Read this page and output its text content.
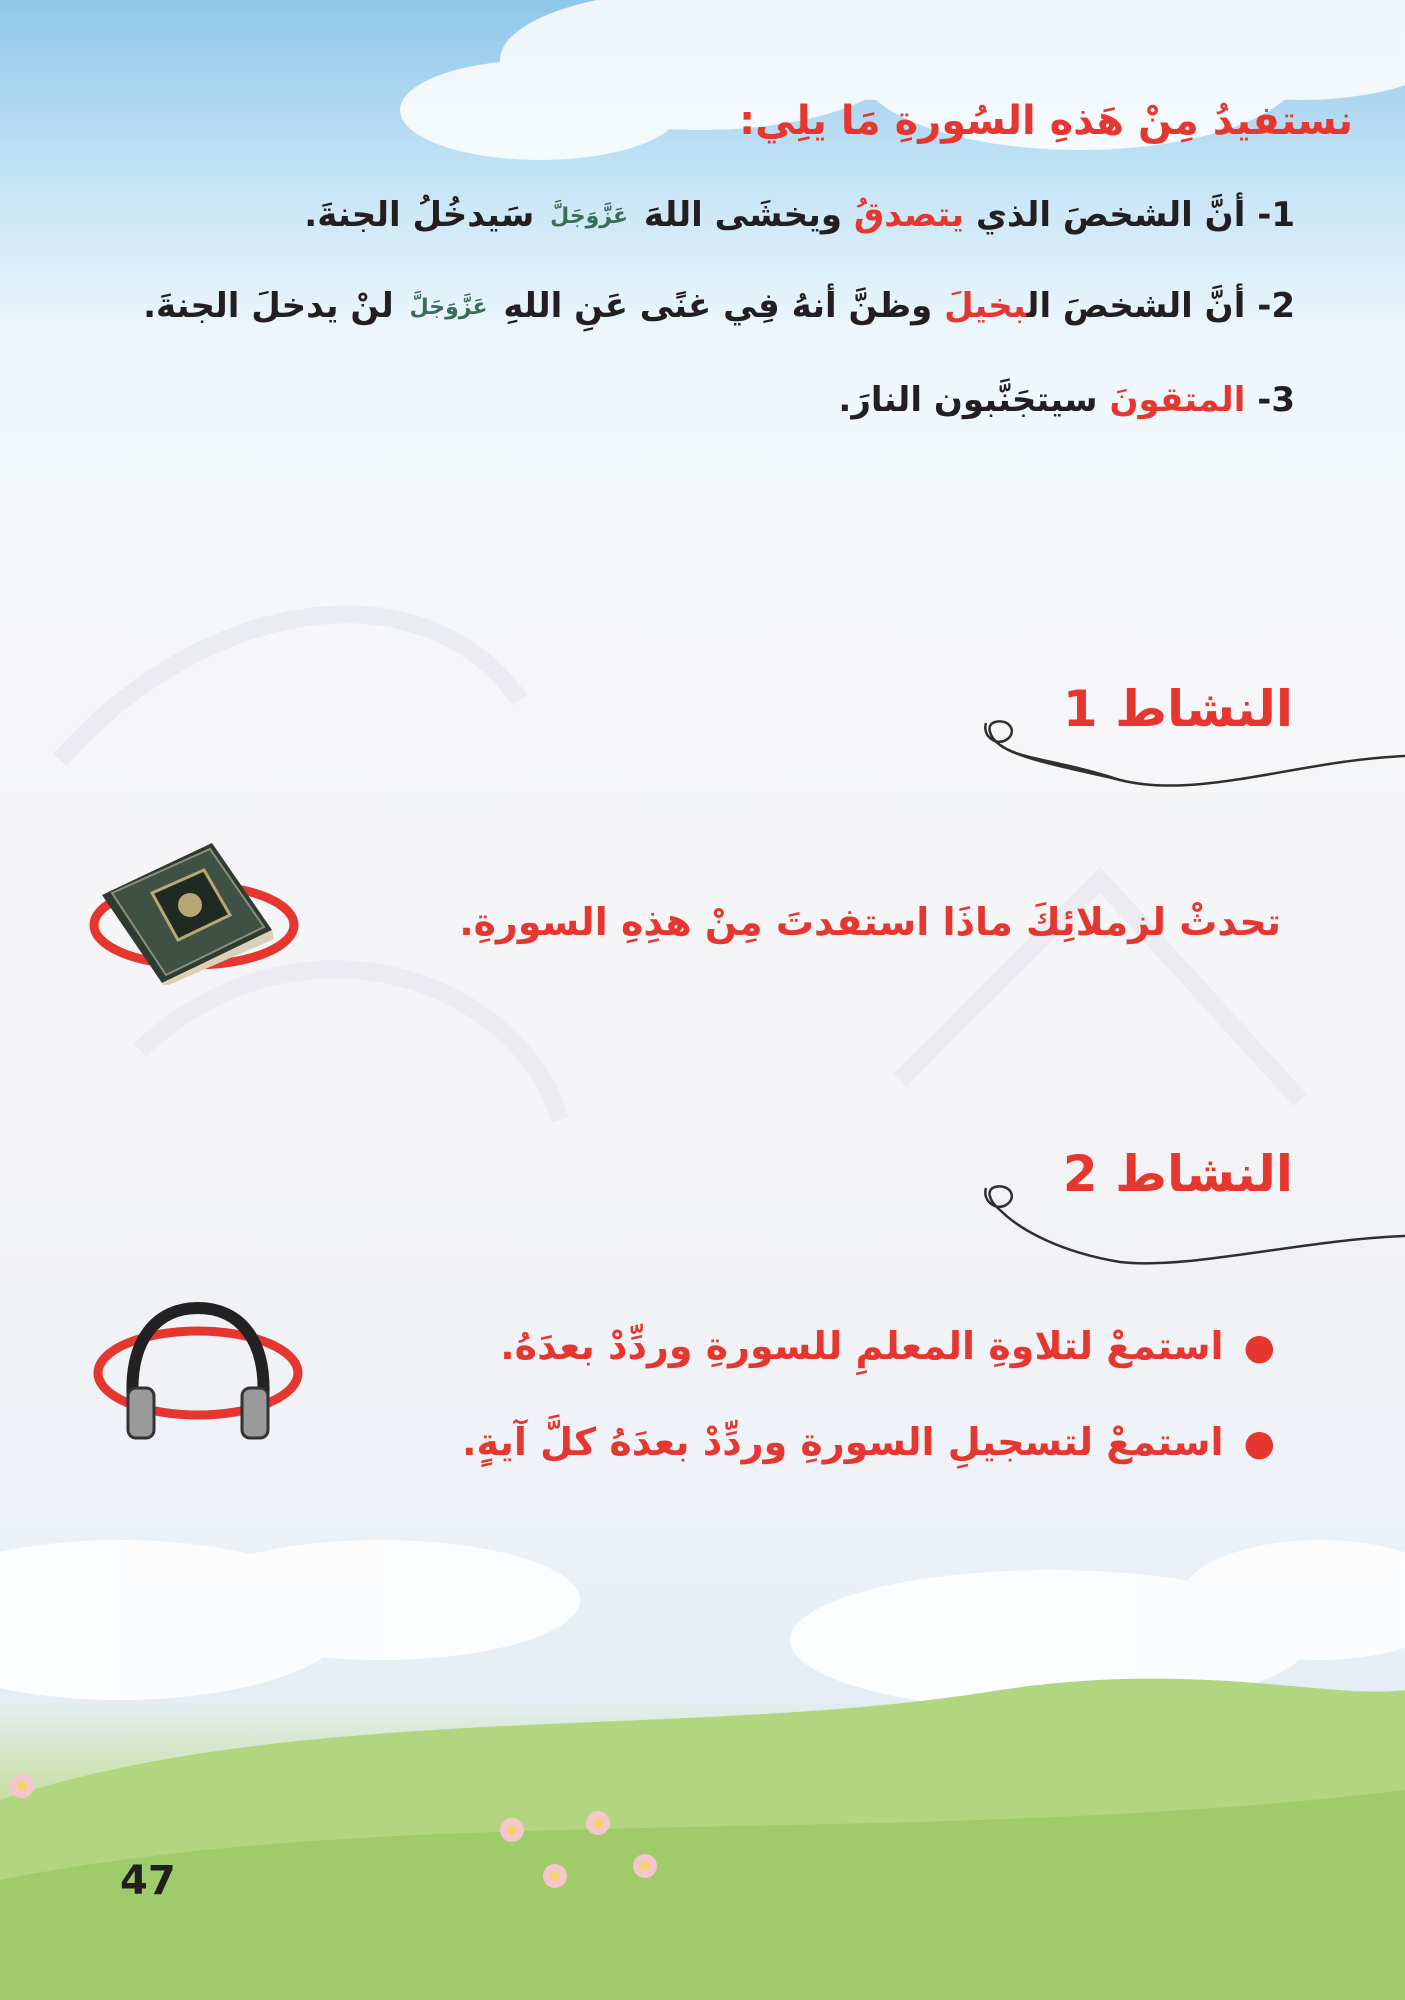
نستفيدُ مِنْ هَذهِ السُورةِ مَا يلِي:
1- أنَّ الشخصَ الذي يتصدقُ ويخشَى اللهَ عَزَّوَجَلَّ سَيدخُلُ الجنةَ.
2- أنَّ الشخصَ البخيلَ وظنَّ أنهُ فِي غنًى عَنِ اللهِ عَزَّوَجَلَّ لنْ يدخلَ الجنةَ.
3- المتقونَ سيتجَنَّبون النارَ.
النشاط 1
تحدثْ لزملائِكَ ماذَا استفدتَ مِنْ هذِهِ السورةِ.
النشاط 2
●استمعْ لتلاوةِ المعلمِ للسورةِ وردِّدْ بعدَهُ.
●استمعْ لتسجيلِ السورةِ وردِّدْ بعدَهُ كلَّ آيةٍ.
47
